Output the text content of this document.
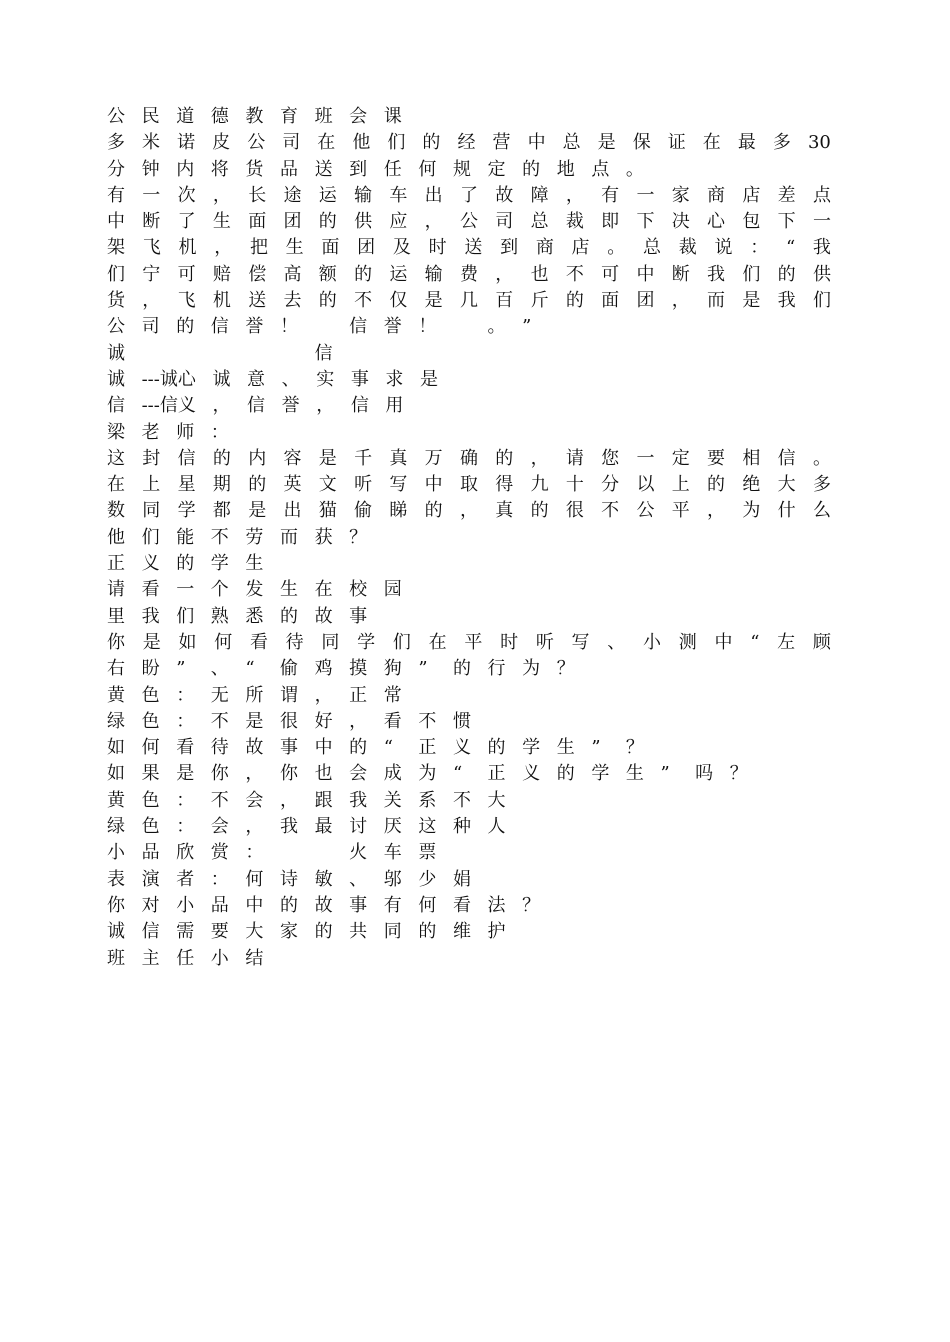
公 民 道 德 教 育 班 会 课
多 米 诺 皮 公 司 在 他 们 的 经 营 中 总 是 保 证 在 最 多 30
分 钟 内 将 货 品 送 到 任 何 规 定 的 地 点 。
有 一 次 ， 长 途 运 输 车 出 了 故 障 ， 有 一 家 商 店 差 点
中 断 了 生 面 团 的 供 应 ， 公 司 总 裁 即 下 决 心 包 下 一
架 飞 机 ， 把 生 面 团 及 时 送 到 商 店 。 总 裁 说 ： “ 我
们 宁 可 赔 偿 高 额 的 运 输 费 ， 也 不 可 中 断 我 们 的 供
货 ， 飞 机 送 去 的 不 仅 是 几 百 斤 的 面 团 ， 而 是 我 们
公 司 的 信 誉 ！
　	信 誉 ！
　	。 ”
诚

　	信
诚 ---诚 心 诚 意 、 实 事 求 是
信 ---信 义 ， 信 誉 ， 信 用
梁 老 师 ：
这 封 信 的 内 容 是 千 真 万 确 的 ， 请 您 一 定 要 相 信 。
在 上 星 期 的 英 文 听 写 中 取 得 九 十 分 以 上 的 绝 大 多
数 同 学 都 是 出 猫 偷 睇 的 ， 真 的 很 不 公 平 ， 为 什 么
他 们 能 不 劳 而 获 ？
正 义 的 学 生
请 看 一 个 发 生 在 校 园
里 我 们 熟 悉 的 故 事
你 是 如 何 看 待 同 学 们 在 平 时 听 写 、 小 测 中 “ 左 顾
右 盼 ”	、 “	偷 鸡 摸 狗 ”	的 行 为 ？
黄 色 ： 无 所 谓 ， 正 常
绿 色 ： 不 是 很 好 ， 看 不 惯
如 何 看 待 故 事 中 的 “	正 义 的 学 生 ”	？
如 果 是 你 ， 你 也 会 成 为 “	正 义 的 学 生 ”	吗 ？
黄 色 ： 不 会 ， 跟 我 关 系 不 大
绿 色 ： 会 ， 我 最 讨 厌 这 种 人
小 品 欣 赏 ：

　	火 车 票
表 演 者 ： 何 诗 敏 、 邬 少 娟
你 对 小 品 中 的 故 事 有 何 看 法 ？
诚 信 需 要 大 家 的 共 同 的 维 护
班 主 任 小 结
